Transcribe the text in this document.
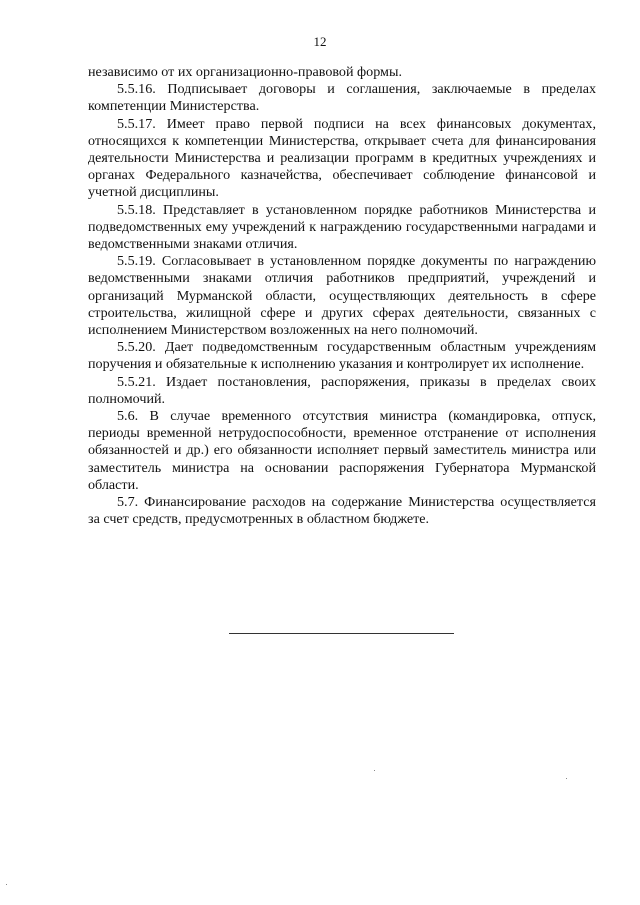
12

независимо от их организационно-правовой формы.

5.5.16. Подписывает договоры и соглашения, заключаемые в пределах компетенции Министерства.

5.5.17. Имеет право первой подписи на всех финансовых документах, относящихся к компетенции Министерства, открывает счета для финансирования деятельности Министерства и реализации программ в кредитных учреждениях и органах Федерального казначейства, обеспечивает соблюдение финансовой и учетной дисциплины.

5.5.18. Представляет в установленном порядке работников Министерства и подведомственных ему учреждений к награждению государственными наградами и ведомственными знаками отличия.

5.5.19. Согласовывает в установленном порядке документы по награждению ведомственными знаками отличия работников предприятий, учреждений и организаций Мурманской области, осуществляющих деятельность в сфере строительства, жилищной сфере и других сферах деятельности, связанных с исполнением Министерством возложенных на него полномочий.

5.5.20. Дает подведомственным государственным областным учреждениям поручения и обязательные к исполнению указания и контролирует их исполнение.

5.5.21. Издает постановления, распоряжения, приказы в пределах своих полномочий.

5.6. В случае временного отсутствия министра (командировка, отпуск, периоды временной нетрудоспособности, временное отстранение от исполнения обязанностей и др.) его обязанности исполняет первый заместитель министра или заместитель министра на основании распоряжения Губернатора Мурманской области.

5.7. Финансирование расходов на содержание Министерства осуществляется за счет средств, предусмотренных в областном бюджете.
